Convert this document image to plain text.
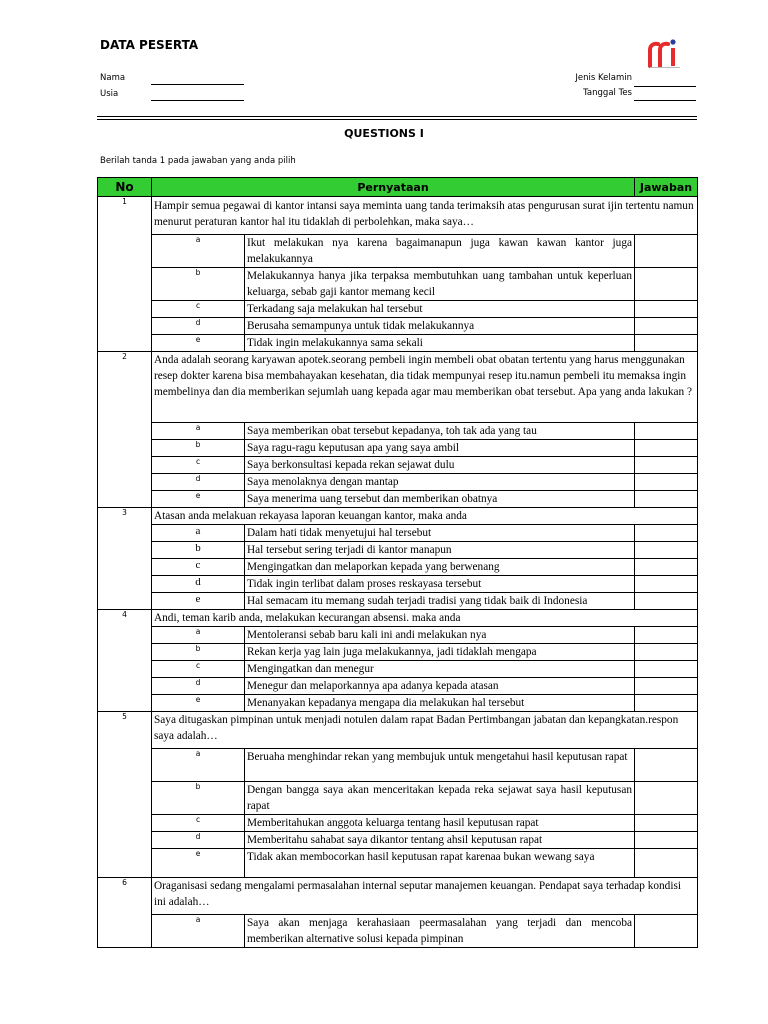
DATA PESERTA
Nama
Usia
Jenis Kelamin
Tanggal Tes
QUESTIONS I
Berilah tanda 1 pada jawaban yang anda pilih
No	Pernyataan		Jawaban
1	Hampir semua pegawai di kantor intansi saya meminta uang tanda terimaksih atas pengurusan surat ijin tertentu namun menurut peraturan kantor hal itu tidaklah di perbolehkan, maka saya…		
	a	Ikut melakukan nya karena bagaimanapun juga kawan kawan kantor juga melakukannya	
	b	Melakukannya hanya jika terpaksa membutuhkan uang tambahan untuk keperluan keluarga, sebab gaji kantor memang kecil	
	c	Terkadang saja melakukan hal tersebut	
	d	Berusaha semampunya untuk tidak melakukannya	
	e	Tidak ingin melakukannya sama sekali	
2	Anda adalah seorang karyawan apotek.seorang pembeli ingin membeli obat obatan tertentu yang harus menggunakan resep dokter karena bisa membahayakan kesehatan, dia tidak mempunyai resep itu.namun pembeli itu memaksa ingin membelinya dan dia memberikan sejumlah uang kepada agar mau memberikan obat tersebut. Apa yang anda lakukan ?		
	a	Saya memberikan obat tersebut kepadanya, toh tak ada yang tau	
	b	Saya ragu-ragu keputusan apa yang saya ambil	
	c	Saya berkonsultasi kepada rekan sejawat dulu	
	d	Saya menolaknya dengan mantap	
	e	Saya menerima uang tersebut dan memberikan obatnya	
3	Atasan anda melakuan rekayasa laporan keuangan kantor, maka anda		
	a	Dalam hati tidak menyetujui hal tersebut	
	b	Hal tersebut sering terjadi di kantor manapun	
	c	Mengingatkan dan melaporkan kepada yang berwenang	
	d	Tidak ingin terlibat dalam proses reskayasa tersebut	
	e	Hal semacam itu memang sudah terjadi tradisi yang tidak baik di Indonesia	
4	Andi, teman karib anda, melakukan kecurangan absensi. maka anda		
	a	Mentoleransi sebab baru kali ini andi melakukan nya	
	b	Rekan kerja yag lain juga melakukannya, jadi tidaklah mengapa	
	c	Mengingatkan dan menegur	
	d	Menegur dan melaporkannya apa adanya kepada atasan	
	e	Menanyakan kepadanya mengapa dia melakukan hal tersebut	
5	Saya ditugaskan pimpinan untuk menjadi notulen dalam rapat Badan Pertimbangan jabatan dan kepangkatan.respon saya adalah…		
	a	Beruaha menghindar rekan yang membujuk untuk mengetahui hasil keputusan rapat	
	b	Dengan bangga saya akan menceritakan kepada reka sejawat saya hasil keputusan rapat	
	c	Memberitahukan anggota keluarga tentang hasil keputusan rapat	
	d	Memberitahu sahabat saya dikantor tentang ahsil keputusan rapat	
	e	Tidak akan membocorkan hasil keputusan rapat karenaa bukan wewang saya	
6	Oraganisasi sedang mengalami permasalahan internal seputar manajemen keuangan. Pendapat saya terhadap kondisi ini adalah…		
	a	Saya akan menjaga kerahasiaan peermasalahan yang terjadi dan mencoba memberikan alternative solusi kepada pimpinan	
